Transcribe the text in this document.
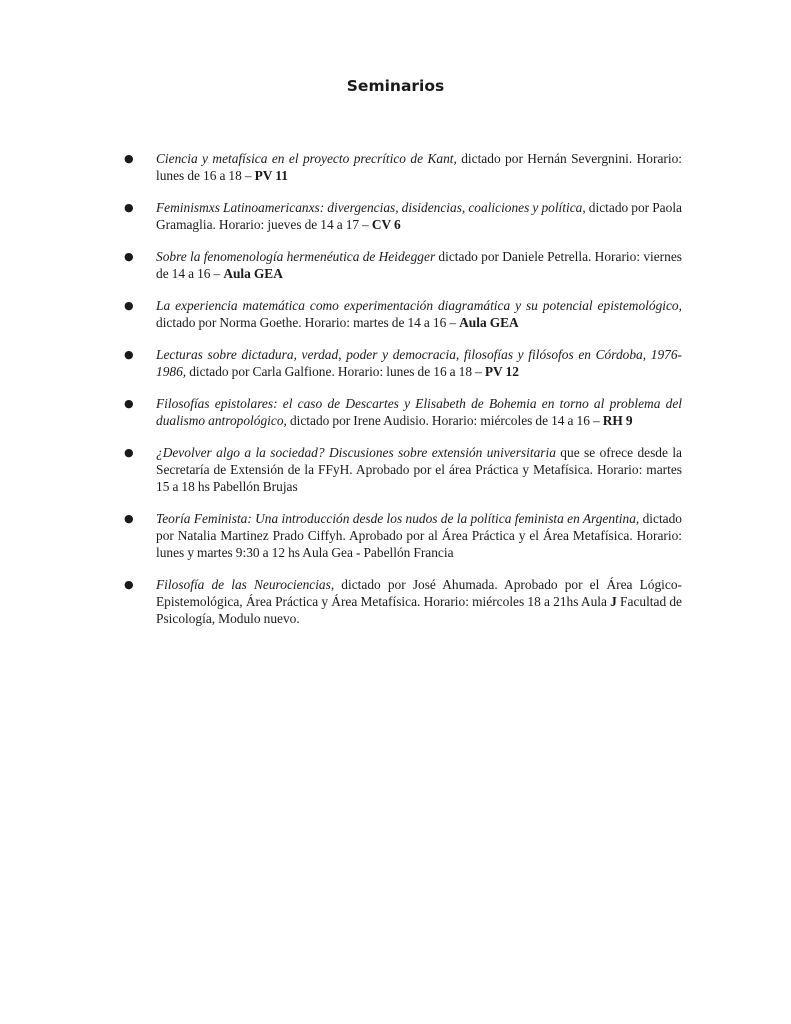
Seminarios
● Ciencia y metafísica en el proyecto precrítico de Kant, dictado por Hernán Severgnini. Horario: lunes de 16 a 18 – PV 11
● Feminismxs Latinoamericanxs: divergencias, disidencias, coaliciones y política, dictado por Paola Gramaglia. Horario: jueves de 14 a 17 – CV 6
● Sobre la fenomenología hermenéutica de Heidegger dictado por Daniele Petrella. Horario: viernes de 14 a 16 – Aula GEA
● La experiencia matemática como experimentación diagramática y su potencial epistemológico, dictado por Norma Goethe. Horario: martes de 14 a 16 – Aula GEA
● Lecturas sobre dictadura, verdad, poder y democracia, filosofías y filósofos en Córdoba, 1976-1986, dictado por Carla Galfione. Horario: lunes de 16 a 18 – PV 12
● Filosofías epistolares: el caso de Descartes y Elisabeth de Bohemia en torno al problema del dualismo antropológico, dictado por Irene Audisio. Horario: miércoles de 14 a 16 – RH 9
● ¿Devolver algo a la sociedad? Discusiones sobre extensión universitaria que se ofrece desde la Secretaría de Extensión de la FFyH. Aprobado por el área Práctica y Metafísica. Horario: martes 15 a 18 hs Pabellón Brujas
● Teoría Feminista: Una introducción desde los nudos de la política feminista en Argentina, dictado por Natalia Martinez Prado Ciffyh. Aprobado por al Área Práctica y el Área Metafísica. Horario: lunes y martes 9:30 a 12 hs Aula Gea - Pabellón Francia
● Filosofía de las Neurociencias, dictado por José Ahumada. Aprobado por el Área Lógico-Epistemológica, Área Práctica y Área Metafísica. Horario: miércoles 18 a 21hs Aula J Facultad de Psicología, Modulo nuevo.
